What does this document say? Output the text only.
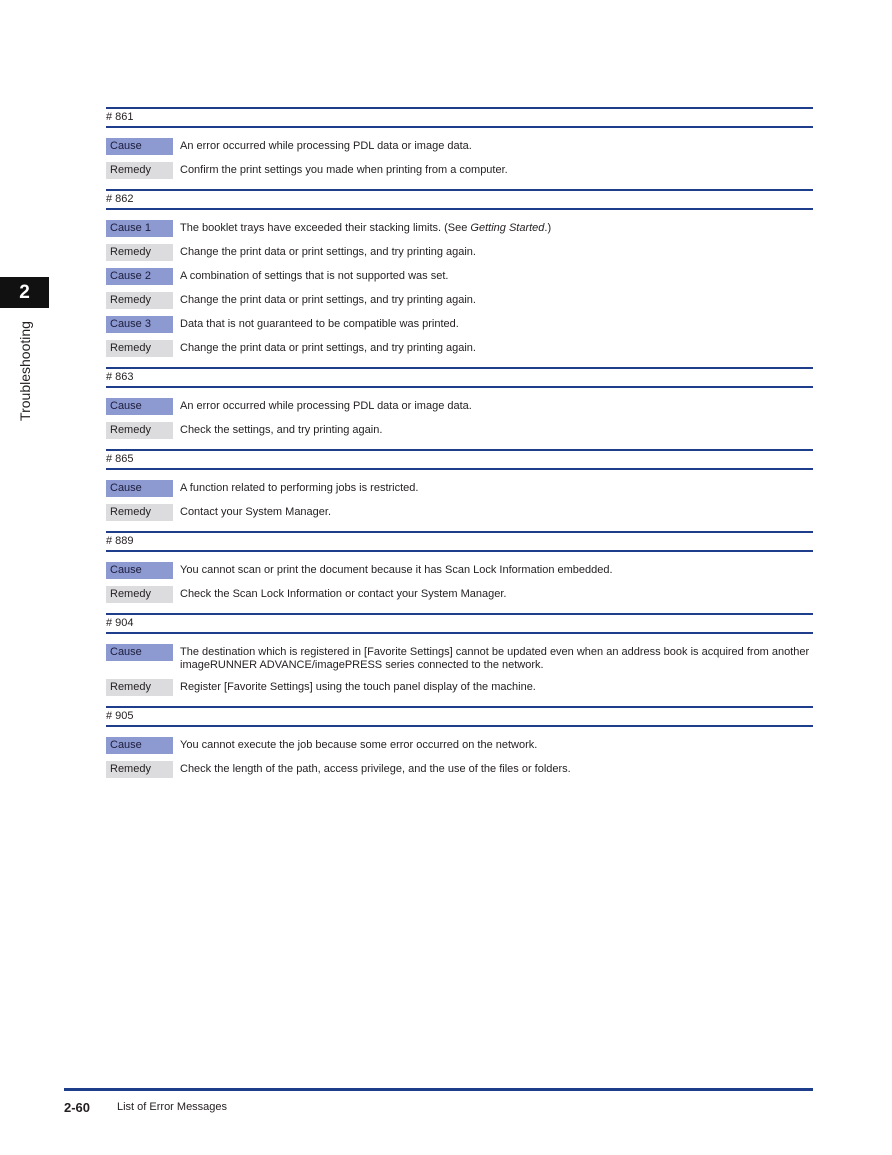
2
Troubleshooting
# 861
Cause	An error occurred while processing PDL data or image data.
Remedy	Confirm the print settings you made when printing from a computer.
# 862
Cause 1	The booklet trays have exceeded their stacking limits. (See Getting Started.)
Remedy	Change the print data or print settings, and try printing again.
Cause 2	A combination of settings that is not supported was set.
Remedy	Change the print data or print settings, and try printing again.
Cause 3	Data that is not guaranteed to be compatible was printed.
Remedy	Change the print data or print settings, and try printing again.
# 863
Cause	An error occurred while processing PDL data or image data.
Remedy	Check the settings, and try printing again.
# 865
Cause	A function related to performing jobs is restricted.
Remedy	Contact your System Manager.
# 889
Cause	You cannot scan or print the document because it has Scan Lock Information embedded.
Remedy	Check the Scan Lock Information or contact your System Manager.
# 904
Cause	The destination which is registered in [Favorite Settings] cannot be updated even when an address book is acquired from another imageRUNNER ADVANCE/imagePRESS series connected to the network.
Remedy	Register [Favorite Settings] using the touch panel display of the machine.
# 905
Cause	You cannot execute the job because some error occurred on the network.
Remedy	Check the length of the path, access privilege, and the use of the files or folders.
2-60 List of Error Messages
